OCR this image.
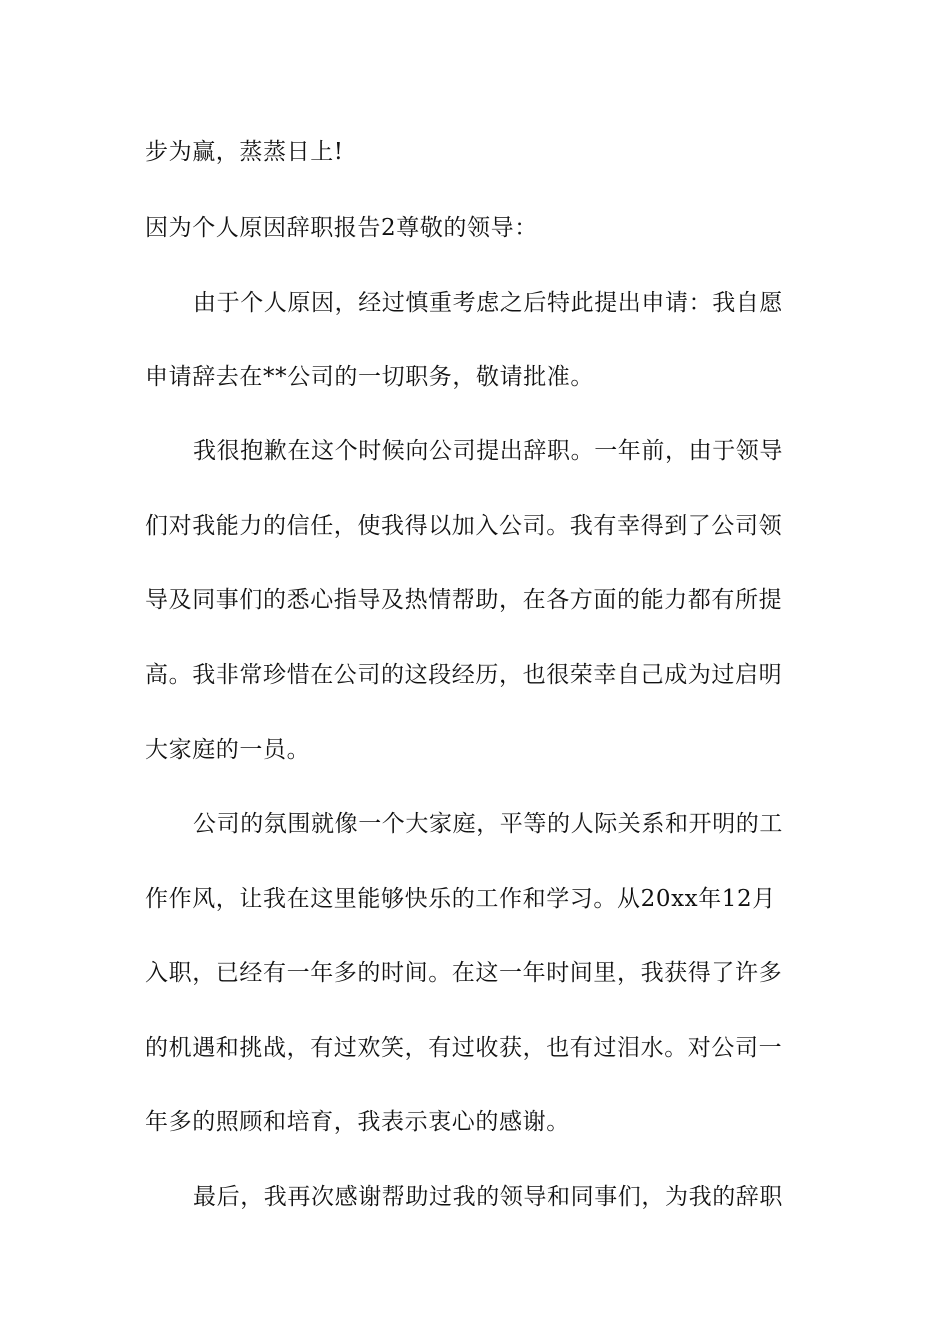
步为赢，蒸蒸日上!
因为个人原因辞职报告2尊敬的领导：
由于个人原因，经过慎重考虑之后特此提出申请：我自愿
申请辞去在**公司的一切职务，敬请批准。
我很抱歉在这个时候向公司提出辞职。一年前，由于领导
们对我能力的信任，使我得以加入公司。我有幸得到了公司领
导及同事们的悉心指导及热情帮助，在各方面的能力都有所提
高。我非常珍惜在公司的这段经历，也很荣幸自己成为过启明
大家庭的一员。
公司的氛围就像一个大家庭，平等的人际关系和开明的工
作作风，让我在这里能够快乐的工作和学习。从20xx年12月
入职，已经有一年多的时间。在这一年时间里，我获得了许多
的机遇和挑战，有过欢笑，有过收获，也有过泪水。对公司一
年多的照顾和培育，我表示衷心的感谢。
最后，我再次感谢帮助过我的领导和同事们，为我的辞职
